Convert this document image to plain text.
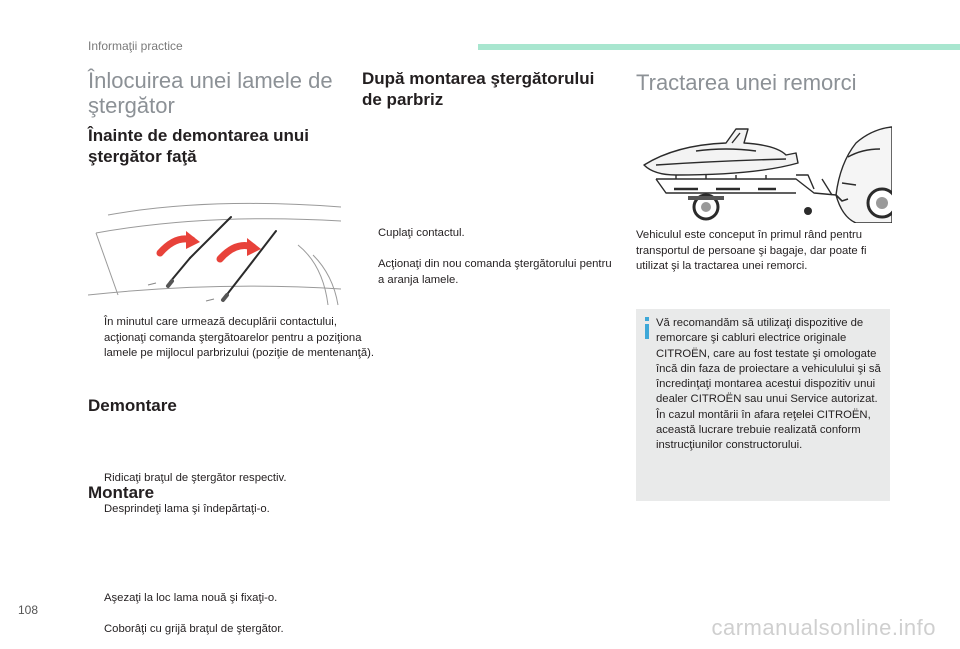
Informaţii practice
Înlocuirea unei lamele de ştergător
Înainte de demontarea unui ştergător faţă
În minutul care urmează decuplării contactului, acţionaţi comanda ştergătoarelor pentru a poziţiona lamele pe mijlocul parbrizului (poziţie de mentenanţă).
Demontare
Ridicaţi braţul de ştergător respectiv.
Desprindeţi lama şi îndepărtaţi-o.
Montare
Aşezaţi la loc lama nouă şi fixaţi-o.
Coborâţi cu grijă braţul de ştergător.
După montarea ştergătorului de parbriz
Cuplaţi contactul.
Acţionaţi din nou comanda ştergătorului pentru a aranja lamele.
Tractarea unei remorci
Vehiculul este conceput în primul rând pentru transportul de persoane şi bagaje, dar poate fi utilizat şi la tractarea unei remorci.
Vă recomandăm să utilizaţi dispozitive de remorcare şi cabluri electrice originale CITROËN, care au fost testate şi omologate încă din faza de proiectare a vehiculului şi să încredinţaţi montarea acestui dispozitiv unui dealer CITROËN sau unui Service autorizat.
În cazul montării în afara reţelei CITROËN, această lucrare trebuie realizată conform instrucţiunilor constructorului.
108
carmanualsonline.info
